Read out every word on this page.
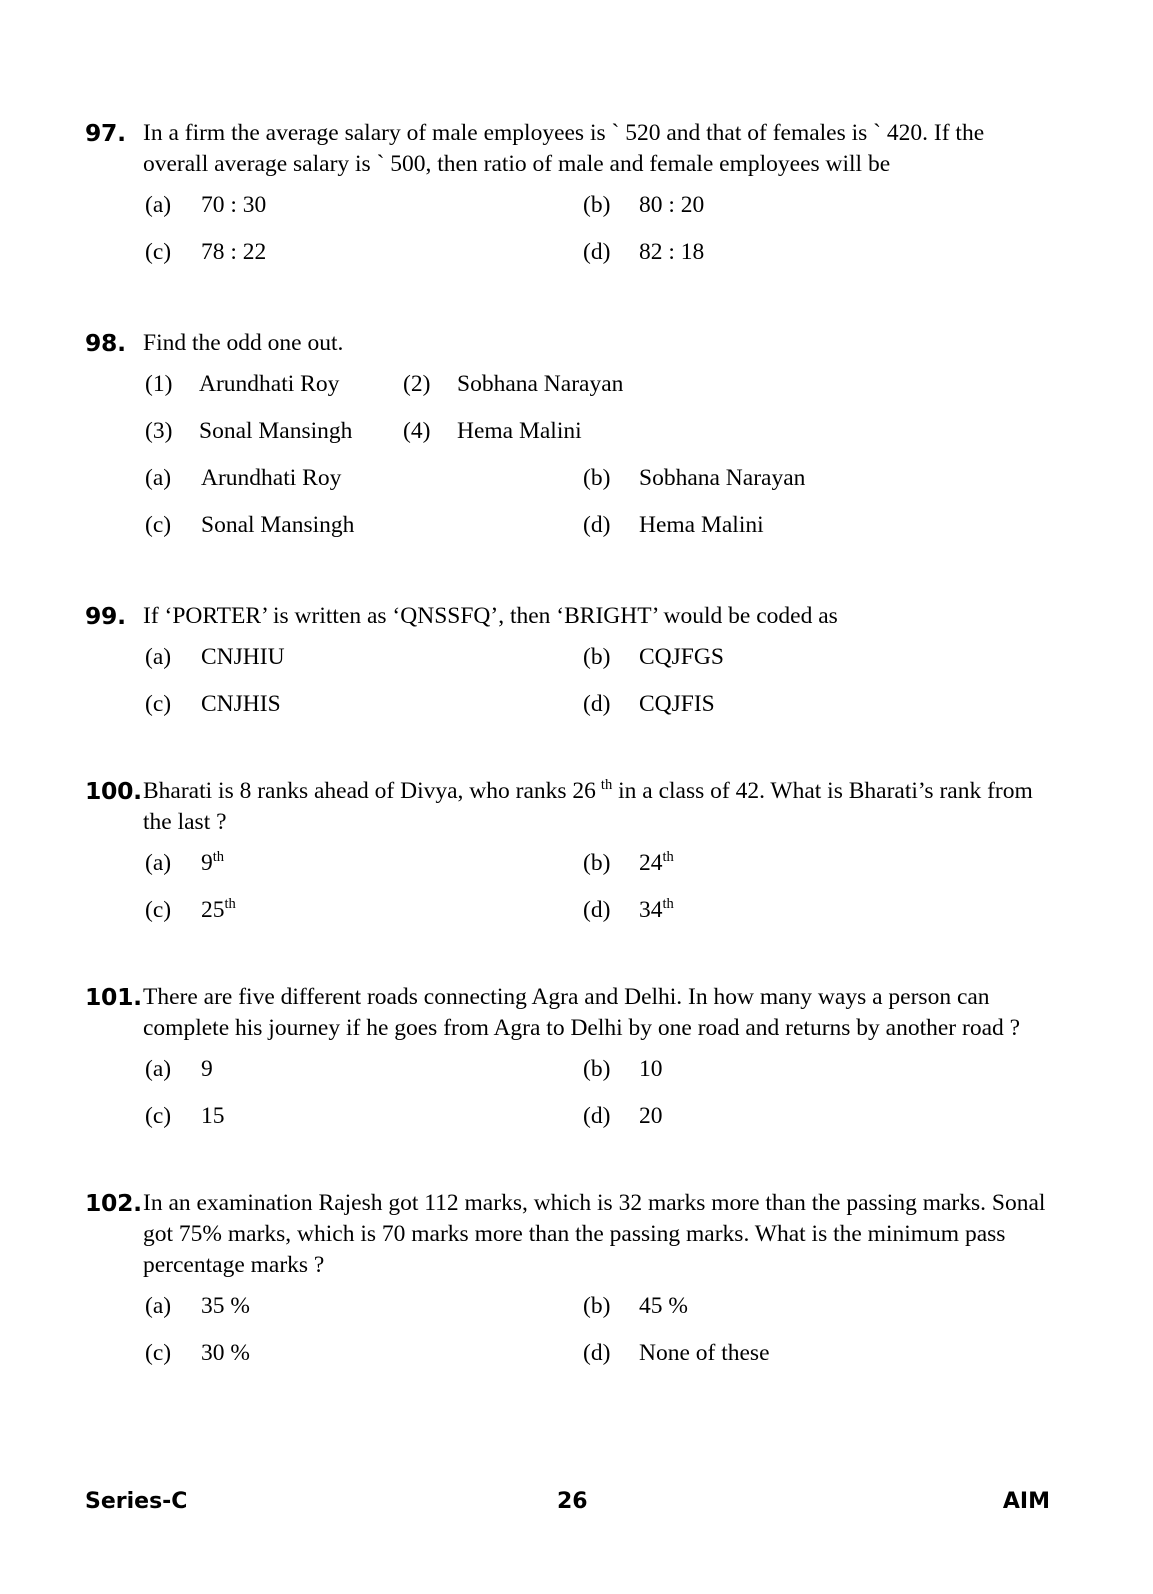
97. In a firm the average salary of male employees is ` 520 and that of females is ` 420. If the overall average salary is ` 500, then ratio of male and female employees will be
(a) 70 : 30	(b) 80 : 20
(c) 78 : 22	(d) 82 : 18
98. Find the odd one out.
(1) Arundhati Roy	(2) Sobhana Narayan
(3) Sonal Mansingh (4) Hema Malini
(a) Arundhati Roy	(b) Sobhana Narayan
(c) Sonal Mansingh	(d) Hema Malini
99. If ‘PORTER’ is written as ‘QNSSFQ’, then ‘BRIGHT’ would be coded as
(a) CNJHIU	(b) CQJFGS
(c) CNJHIS	(d) CQJFIS
100. Bharati is 8 ranks ahead of Divya, who ranks 26 $^{th}$ in a class of 42. What is Bharati’s rank from the last ?
(a) 9th	(b) 24th
(c) 25th	(d) 34th
101. There are five different roads connecting Agra and Delhi. In how many ways a person can complete his journey if he goes from Agra to Delhi by one road and returns by another road ?
(a) 9	(b) 10
(c) 15	(d) 20
102. In an examination Rajesh got 112 marks, which is 32 marks more than the passing marks. Sonal got 75% marks, which is 70 marks more than the passing marks. What is the minimum pass percentage marks ?
(a) 35 %	(b) 45 %
(c) 30 %	(d) None of these
Series-C	26	AIM
